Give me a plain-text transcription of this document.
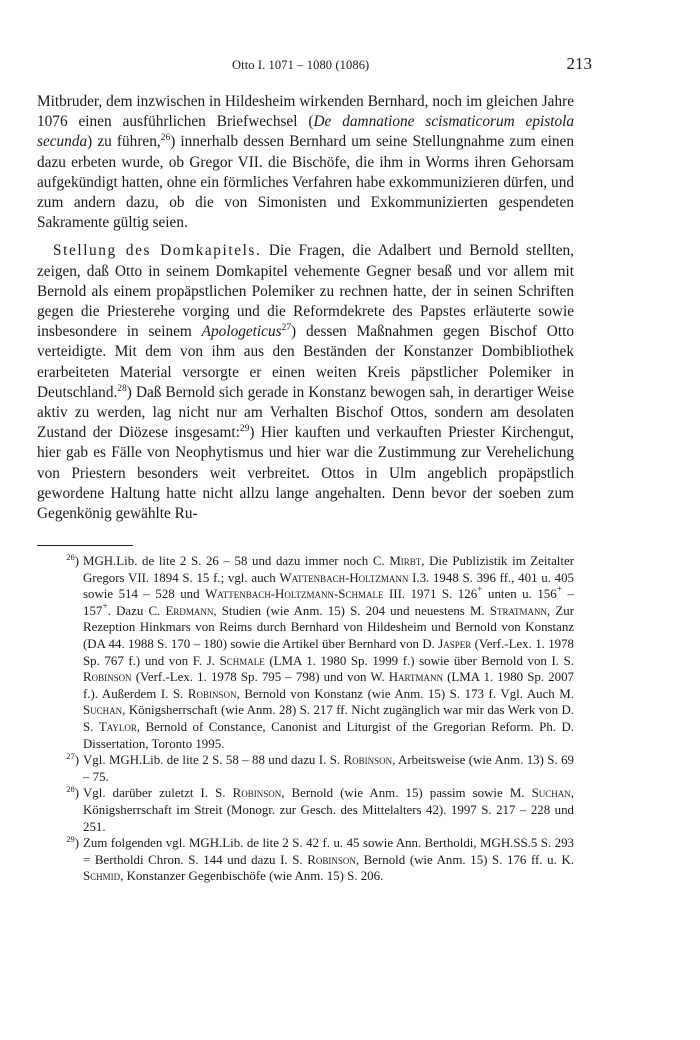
Otto I. 1071 – 1080 (1086)	213

Mitbruder, dem inzwischen in Hildesheim wirkenden Bernhard, noch im gleichen Jahre 1076 einen ausführlichen Briefwechsel (De damnatione scismaticorum epistola secunda) zu führen,$^{26}$) innerhalb dessen Bernhard um seine Stellungnahme zum einen dazu erbeten wurde, ob Gregor VII. die Bischöfe, die ihm in Worms ihren Gehorsam aufgekündigt hatten, ohne ein förmliches Verfahren habe exkommunizieren dürfen, und zum andern dazu, ob die von Simonisten und Exkommunizierten gespendeten Sakramente gültig seien.

Stellung des Domkapitels. Die Fragen, die Adalbert und Bernold stellten, zeigen, daß Otto in seinem Domkapitel vehemente Gegner besaß und vor allem mit Bernold als einem propäpstlichen Polemiker zu rechnen hatte, der in seinen Schriften gegen die Priesterehe vorging und die Reformdekrete des Papstes erläuterte sowie insbesondere in seinem Apologeticus$^{27}$) dessen Maßnahmen gegen Bischof Otto verteidigte. Mit dem von ihm aus den Beständen der Konstanzer Dombibliothek erarbeiteten Material versorgte er einen weiten Kreis päpstlicher Polemiker in Deutschland.$^{28}$) Daß Bernold sich gerade in Konstanz bewogen sah, in derartiger Weise aktiv zu werden, lag nicht nur am Verhalten Bischof Ottos, sondern am desolaten Zustand der Diözese insgesamt:$^{29}$) Hier kauften und verkauften Priester Kirchengut, hier gab es Fälle von Neophytismus und hier war die Zustimmung zur Verehelichung von Priestern besonders weit verbreitet. Ottos in Ulm angeblich propäpstlich gewordene Haltung hatte nicht allzu lange angehalten. Denn bevor der soeben zum Gegenkönig gewählte Ru-

$^{26}$) MGH.Lib. de lite 2 S. 26 – 58 und dazu immer noch C. Mirbt, Die Publizistik im Zeitalter Gregors VII. 1894 S. 15 f.; vgl. auch Wattenbach-Holtzmann I.3. 1948 S. 396 ff., 401 u. 405 sowie 514 – 528 und Wattenbach-Holtzmann-Schmale III. 1971 S. 126+ unten u. 156+ – 157+. Dazu C. Erdmann, Studien (wie Anm. 15) S. 204 und neuestens M. Stratmann, Zur Rezeption Hinkmars von Reims durch Bernhard von Hildesheim und Bernold von Konstanz (DA 44. 1988 S. 170 – 180) sowie die Artikel über Bernhard von D. Jasper (Verf.-Lex. 1. 1978 Sp. 767 f.) und von F. J. Schmale (LMA 1. 1980 Sp. 1999 f.) sowie über Bernold von I. S. Robinson (Verf.-Lex. 1. 1978 Sp. 795 – 798) und von W. Hartmann (LMA 1. 1980 Sp. 2007 f.). Außerdem I. S. Robinson, Bernold von Konstanz (wie Anm. 15) S. 173 f. Vgl. Auch M. Suchan, Königsherrschaft (wie Anm. 28) S. 217 ff. Nicht zugänglich war mir das Werk von D. S. Taylor, Bernold of Constance, Canonist and Liturgist of the Gregorian Reform. Ph. D. Dissertation, Toronto 1995.
$^{27}$) Vgl. MGH.Lib. de lite 2 S. 58 – 88 und dazu I. S. Robinson, Arbeitsweise (wie Anm. 13) S. 69 – 75.
$^{28}$) Vgl. darüber zuletzt I. S. Robinson, Bernold (wie Anm. 15) passim sowie M. Suchan, Königsherrschaft im Streit (Monogr. zur Gesch. des Mittelalters 42). 1997 S. 217 – 228 und 251.
$^{29}$) Zum folgenden vgl. MGH.Lib. de lite 2 S. 42 f. u. 45 sowie Ann. Bertholdi, MGH.SS.5 S. 293 = Bertholdi Chron. S. 144 und dazu I. S. Robinson, Bernold (wie Anm. 15) S. 176 ff. u. K. Schmid, Konstanzer Gegenbischöfe (wie Anm. 15) S. 206.
